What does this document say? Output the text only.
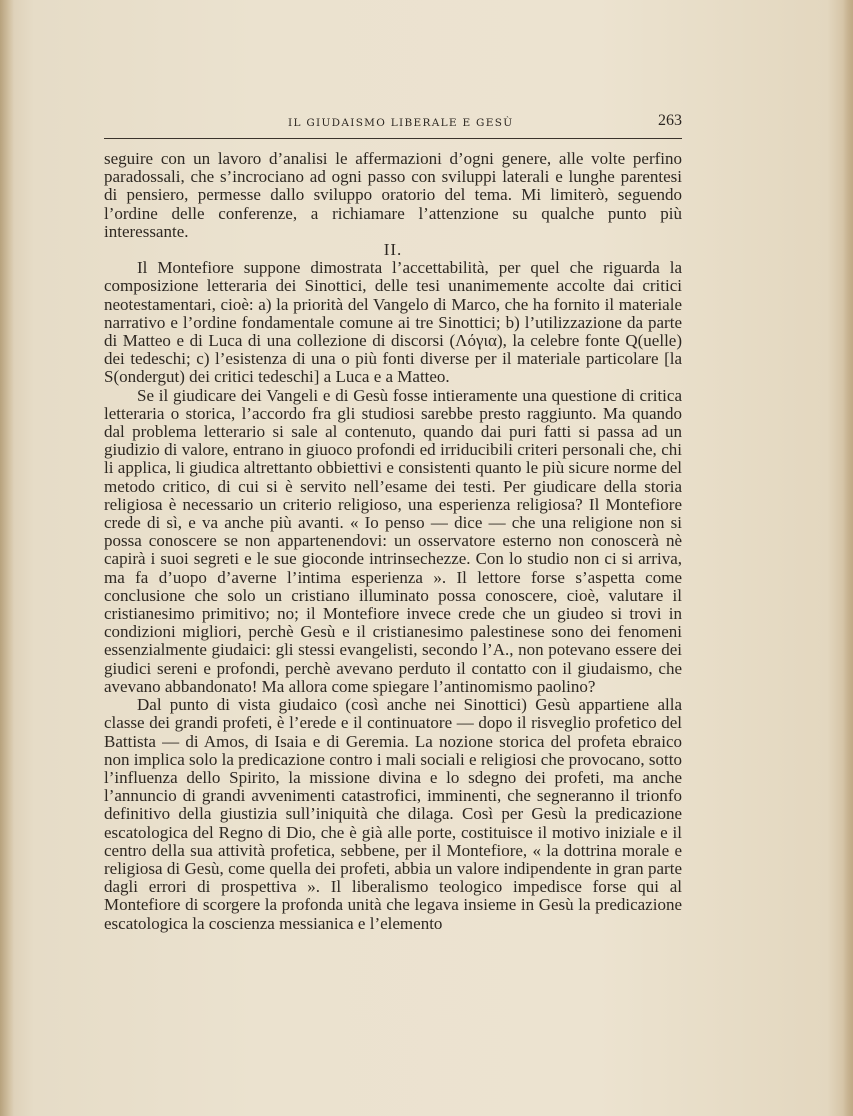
IL GIUDAISMO LIBERALE E GESÙ	263

seguire con un lavoro d’analisi le affermazioni d’ogni genere, alle volte perfino paradossali, che s’incrociano ad ogni passo con sviluppi laterali e lunghe parentesi di pensiero, permesse dallo sviluppo oratorio del tema. Mi limiterò, seguendo l’ordine delle conferenze, a richiamare l’attenzione su qualche punto più interessante.

II.

Il Montefiore suppone dimostrata l’accettabilità, per quel che riguarda la composizione letteraria dei Sinottici, delle tesi unanimemente accolte dai critici neotestamentari, cioè: a) la priorità del Vangelo di Marco, che ha fornito il materiale narrativo e l’ordine fondamentale comune ai tre Sinottici; b) l’utilizzazione da parte di Matteo e di Luca di una collezione di discorsi (Λόγια), la celebre fonte Q(uelle) dei tedeschi; c) l’esistenza di una o più fonti diverse per il materiale particolare [la S(ondergut) dei critici tedeschi] a Luca e a Matteo.

Se il giudicare dei Vangeli e di Gesù fosse intieramente una questione di critica letteraria o storica, l’accordo fra gli studiosi sarebbe presto raggiunto. Ma quando dal problema letterario si sale al contenuto, quando dai puri fatti si passa ad un giudizio di valore, entrano in giuoco profondi ed irriducibili criteri personali che, chi li applica, li giudica altrettanto obbiettivi e consistenti quanto le più sicure norme del metodo critico, di cui si è servito nell’esame dei testi. Per giudicare della storia religiosa è necessario un criterio religioso, una esperienza religiosa? Il Montefiore crede di sì, e va anche più avanti. « Io penso — dice — che una religione non si possa conoscere se non appartenendovi: un osservatore esterno non conoscerà nè capirà i suoi segreti e le sue gioconde intrinsechezze. Con lo studio non ci si arriva, ma fa d’uopo d’averne l’intima esperienza ». Il lettore forse s’aspetta come conclusione che solo un cristiano illuminato possa conoscere, cioè, valutare il cristianesimo primitivo; no; il Montefiore invece crede che un giudeo si trovi in condizioni migliori, perchè Gesù e il cristianesimo palestinese sono dei fenomeni essenzialmente giudaici: gli stessi evangelisti, secondo l’A., non potevano essere dei giudici sereni e profondi, perchè avevano perduto il contatto con il giudaismo, che avevano abbandonato! Ma allora come spiegare l’antinomismo paolino?

Dal punto di vista giudaico (così anche nei Sinottici) Gesù appartiene alla classe dei grandi profeti, è l’erede e il continuatore — dopo il risveglio profetico del Battista — di Amos, di Isaia e di Geremia. La nozione storica del profeta ebraico non implica solo la predicazione contro i mali sociali e religiosi che provocano, sotto l’influenza dello Spirito, la missione divina e lo sdegno dei profeti, ma anche l’annuncio di grandi avvenimenti catastrofici, imminenti, che segneranno il trionfo definitivo della giustizia sull’iniquità che dilaga. Così per Gesù la predicazione escatologica del Regno di Dio, che è già alle porte, costituisce il motivo iniziale e il centro della sua attività profetica, sebbene, per il Montefiore, « la dottrina morale e religiosa di Gesù, come quella dei profeti, abbia un valore indipendente in gran parte dagli errori di prospettiva ». Il liberalismo teologico impedisce forse qui al Montefiore di scorgere la profonda unità che legava insieme in Gesù la predicazione escatologica la coscienza messianica e l’elemento
